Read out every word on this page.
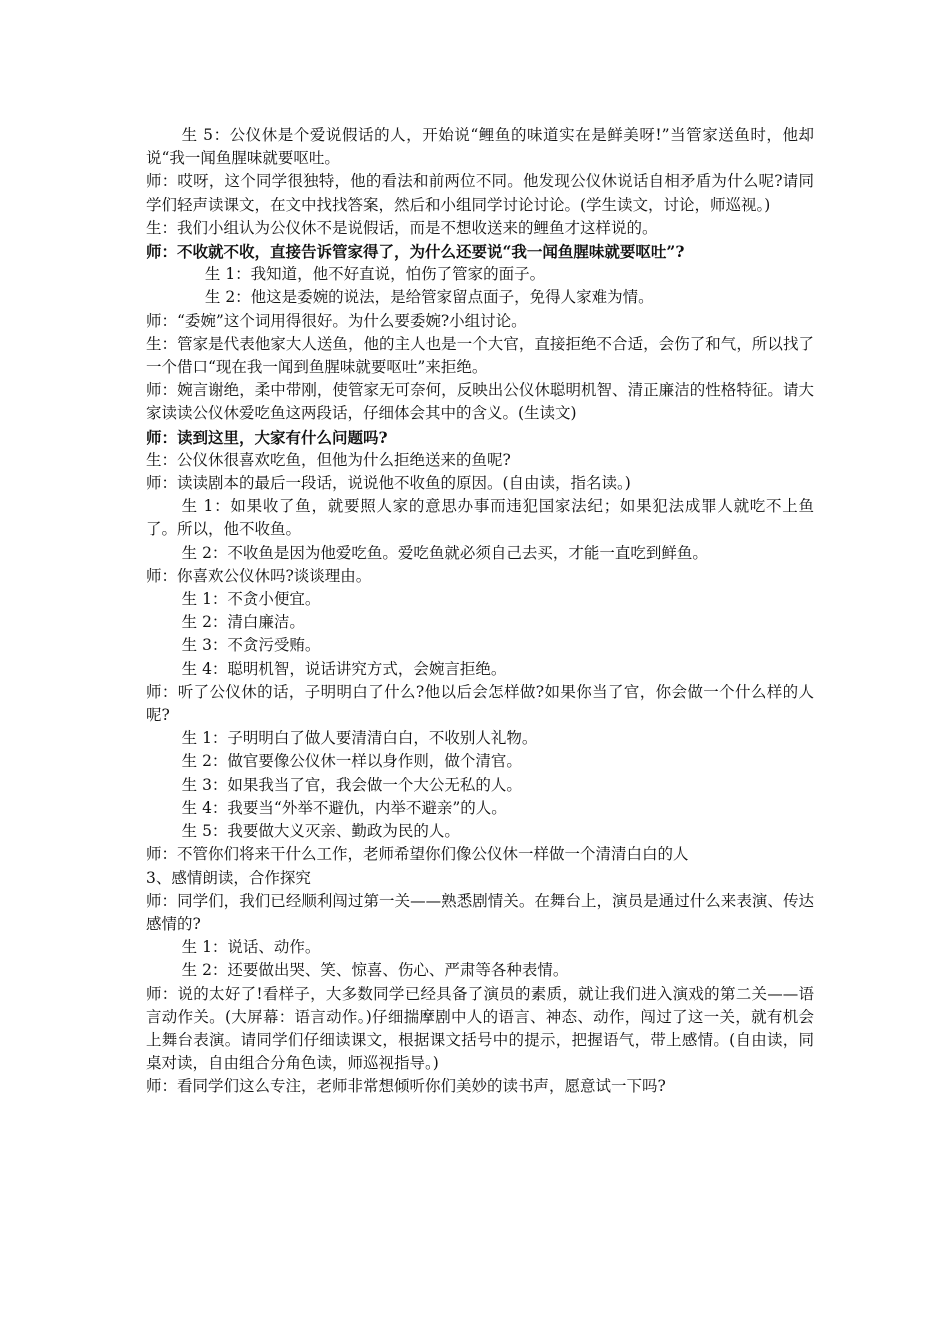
生 5：公仪休是个爱说假话的人，开始说“鲤鱼的味道实在是鲜美呀!”当管家送鱼时，他却说“我一闻鱼腥味就要呕吐。

师：哎呀，这个同学很独特，他的看法和前两位不同。他发现公仪休说话自相矛盾为什么呢?请同学们轻声读课文，在文中找找答案，然后和小组同学讨论讨论。(学生读文，讨论，师巡视。)

生：我们小组认为公仪休不是说假话，而是不想收送来的鲤鱼才这样说的。

师：不收就不收，直接告诉管家得了，为什么还要说“我一闻鱼腥味就要呕吐”?

生 1：我知道，他不好直说，怕伤了管家的面子。

生 2：他这是委婉的说法，是给管家留点面子，免得人家难为情。

师：“委婉”这个词用得很好。为什么要委婉?小组讨论。

生：管家是代表他家大人送鱼，他的主人也是一个大官，直接拒绝不合适，会伤了和气，所以找了一个借口“现在我一闻到鱼腥味就要呕吐”来拒绝。

师：婉言谢绝，柔中带刚，使管家无可奈何，反映出公仪休聪明机智、清正廉洁的性格特征。请大家读读公仪休爱吃鱼这两段话，仔细体会其中的含义。(生读文)

师：读到这里，大家有什么问题吗?

生：公仪休很喜欢吃鱼，但他为什么拒绝送来的鱼呢?

师：读读剧本的最后一段话，说说他不收鱼的原因。(自由读，指名读。)

生 1：如果收了鱼，就要照人家的意思办事而违犯国家法纪；如果犯法成罪人就吃不上鱼了。所以，他不收鱼。

生 2：不收鱼是因为他爱吃鱼。爱吃鱼就必须自己去买，才能一直吃到鲜鱼。

师：你喜欢公仪休吗?谈谈理由。

生 1：不贪小便宜。

生 2：清白廉洁。

生 3：不贪污受贿。

生 4：聪明机智，说话讲究方式，会婉言拒绝。

师：听了公仪休的话，子明明白了什么?他以后会怎样做?如果你当了官，你会做一个什么样的人呢?

生 1：子明明白了做人要清清白白，不收别人礼物。

生 2：做官要像公仪休一样以身作则，做个清官。

生 3：如果我当了官，我会做一个大公无私的人。

生 4：我要当“外举不避仇，内举不避亲”的人。

生 5：我要做大义灭亲、勤政为民的人。

师：不管你们将来干什么工作，老师希望你们像公仪休一样做一个清清白白的人

3、感情朗读，合作探究

师：同学们，我们已经顺利闯过第一关——熟悉剧情关。在舞台上，演员是通过什么来表演、传达感情的?

生 1：说话、动作。

生 2：还要做出哭、笑、惊喜、伤心、严肃等各种表情。

师：说的太好了!看样子，大多数同学已经具备了演员的素质，就让我们进入演戏的第二关——语言动作关。(大屏幕：语言动作。)仔细揣摩剧中人的语言、神态、动作，闯过了这一关，就有机会上舞台表演。请同学们仔细读课文，根据课文括号中的提示，把握语气，带上感情。(自由读，同桌对读，自由组合分角色读，师巡视指导。)

师：看同学们这么专注，老师非常想倾听你们美妙的读书声，愿意试一下吗?
